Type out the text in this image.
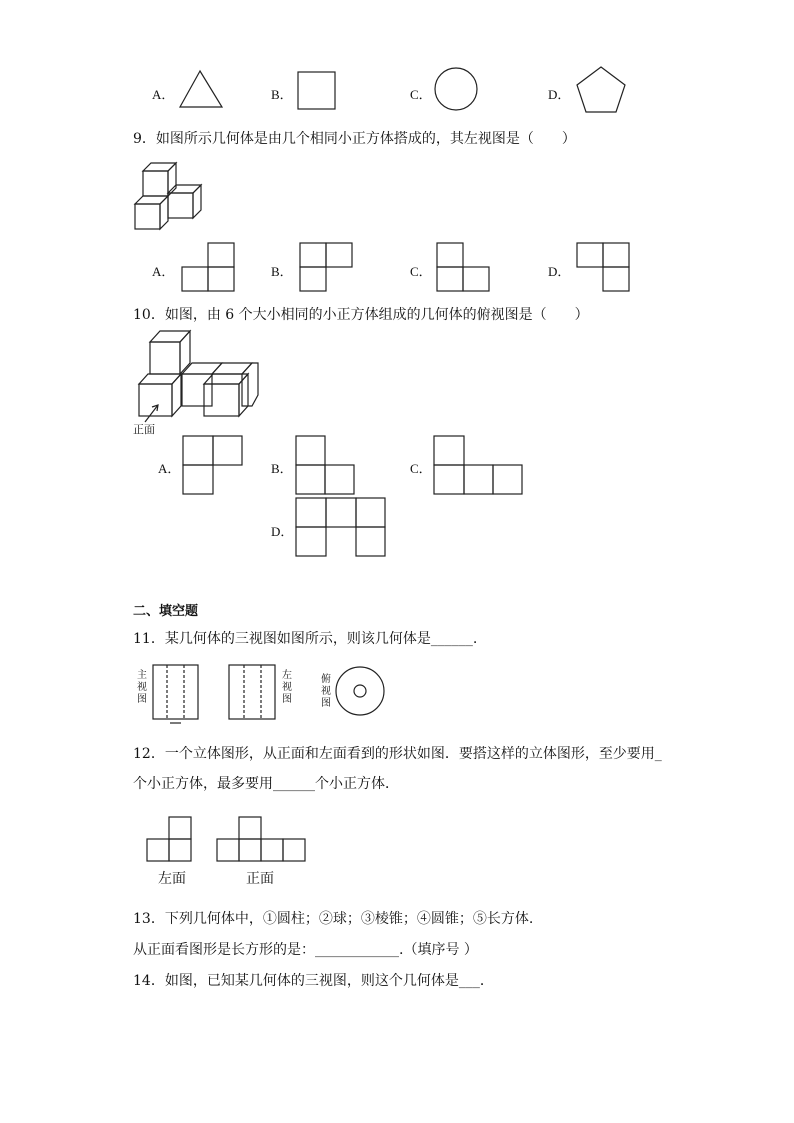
A．	B．	C．	D．
9．如图所示几何体是由几个相同小正方体搭成的，其左视图是（　　）
A．	B．	C．	D．
10．如图，由 6 个大小相同的小正方体组成的几何体的俯视图是（　　）
正面
A．	B．	C．
D．
二、填空题
11．某几何体的三视图如图所示，则该几何体是______.
主视图
左视图
俯视图
12．一个立体图形，从正面和左面看到的形状如图．要搭这样的立体图形，至少要用_
个小正方体，最多要用______个小正方体．
左面	正面
13．下列几何体中，①圆柱；②球；③棱锥；④圆锥；⑤长方体.
从正面看图形是长方形的是：____________.（填序号 ）
14．如图，已知某几何体的三视图，则这个几何体是___．
